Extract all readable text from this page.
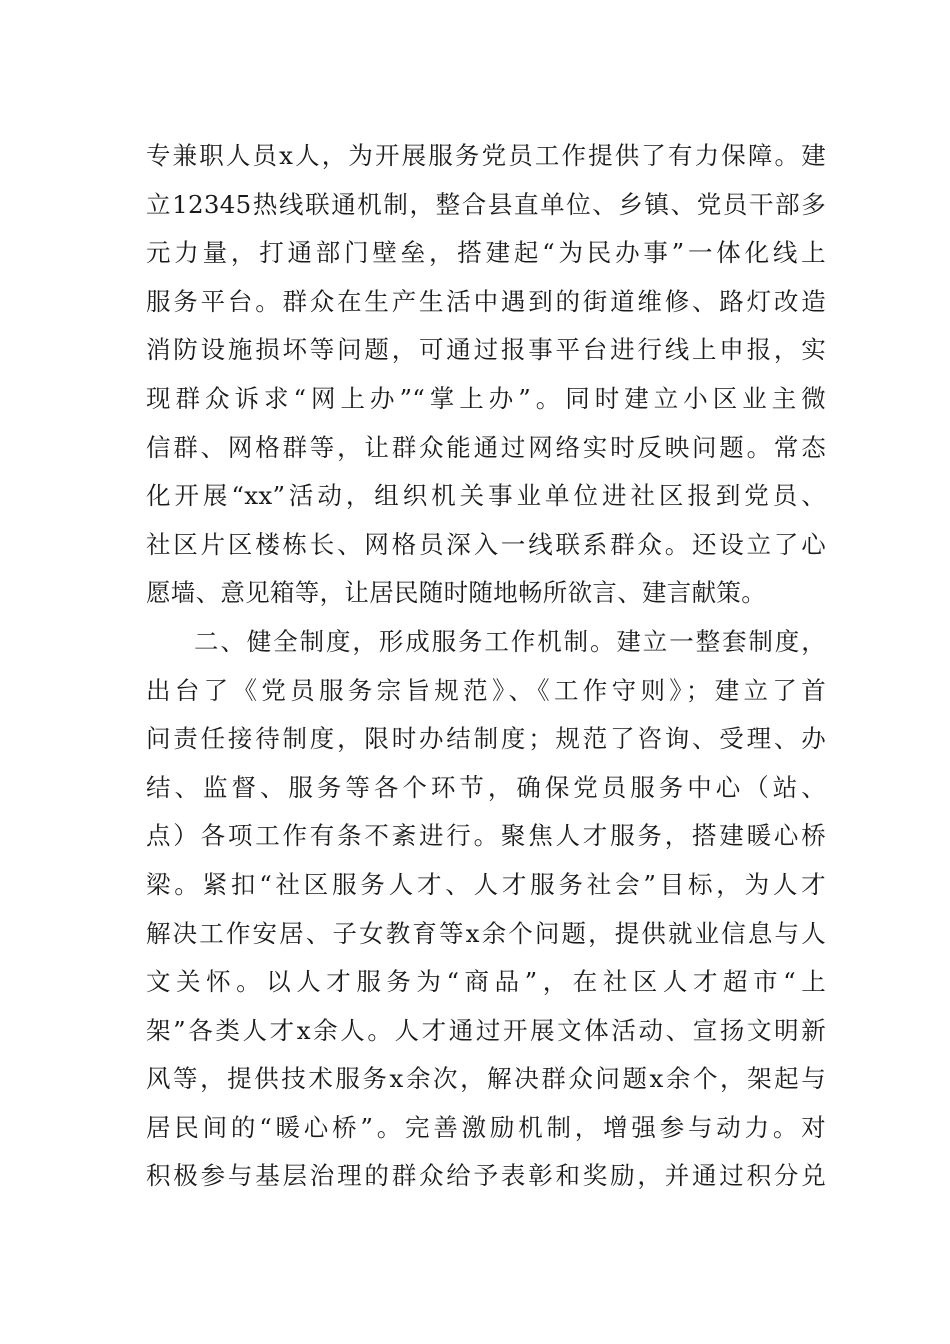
专兼职人员x人，为开展服务党员工作提供了有力保障。建
立12345热线联通机制，整合县直单位、乡镇、党员干部多
元力量，打通部门壁垒，搭建起“为民办事”一体化线上
服务平台。群众在生产生活中遇到的街道维修、路灯改造
消防设施损坏等问题，可通过报事平台进行线上申报，实
现群众诉求“网上办”“掌上办”。同时建立小区业主微
信群、网格群等，让群众能通过网络实时反映问题。常态
化开展“xx”活动，组织机关事业单位进社区报到党员、
社区片区楼栋长、网格员深入一线联系群众。还设立了心
愿墙、意见箱等，让居民随时随地畅所欲言、建言献策。
二、健全制度，形成服务工作机制。建立一整套制度，
出台了《党员服务宗旨规范》、《工作守则》；建立了首
问责任接待制度，限时办结制度；规范了咨询、受理、办
结、监督、服务等各个环节，确保党员服务中心（站、
点）各项工作有条不紊进行。聚焦人才服务，搭建暖心桥
梁。紧扣“社区服务人才、人才服务社会”目标，为人才
解决工作安居、子女教育等x余个问题，提供就业信息与人
文关怀。以人才服务为“商品”，在社区人才超市“上
架”各类人才x余人。人才通过开展文体活动、宣扬文明新
风等，提供技术服务x余次，解决群众问题x余个，架起与
居民间的“暖心桥”。完善激励机制，增强参与动力。对
积极参与基层治理的群众给予表彰和奖励，并通过积分兑
